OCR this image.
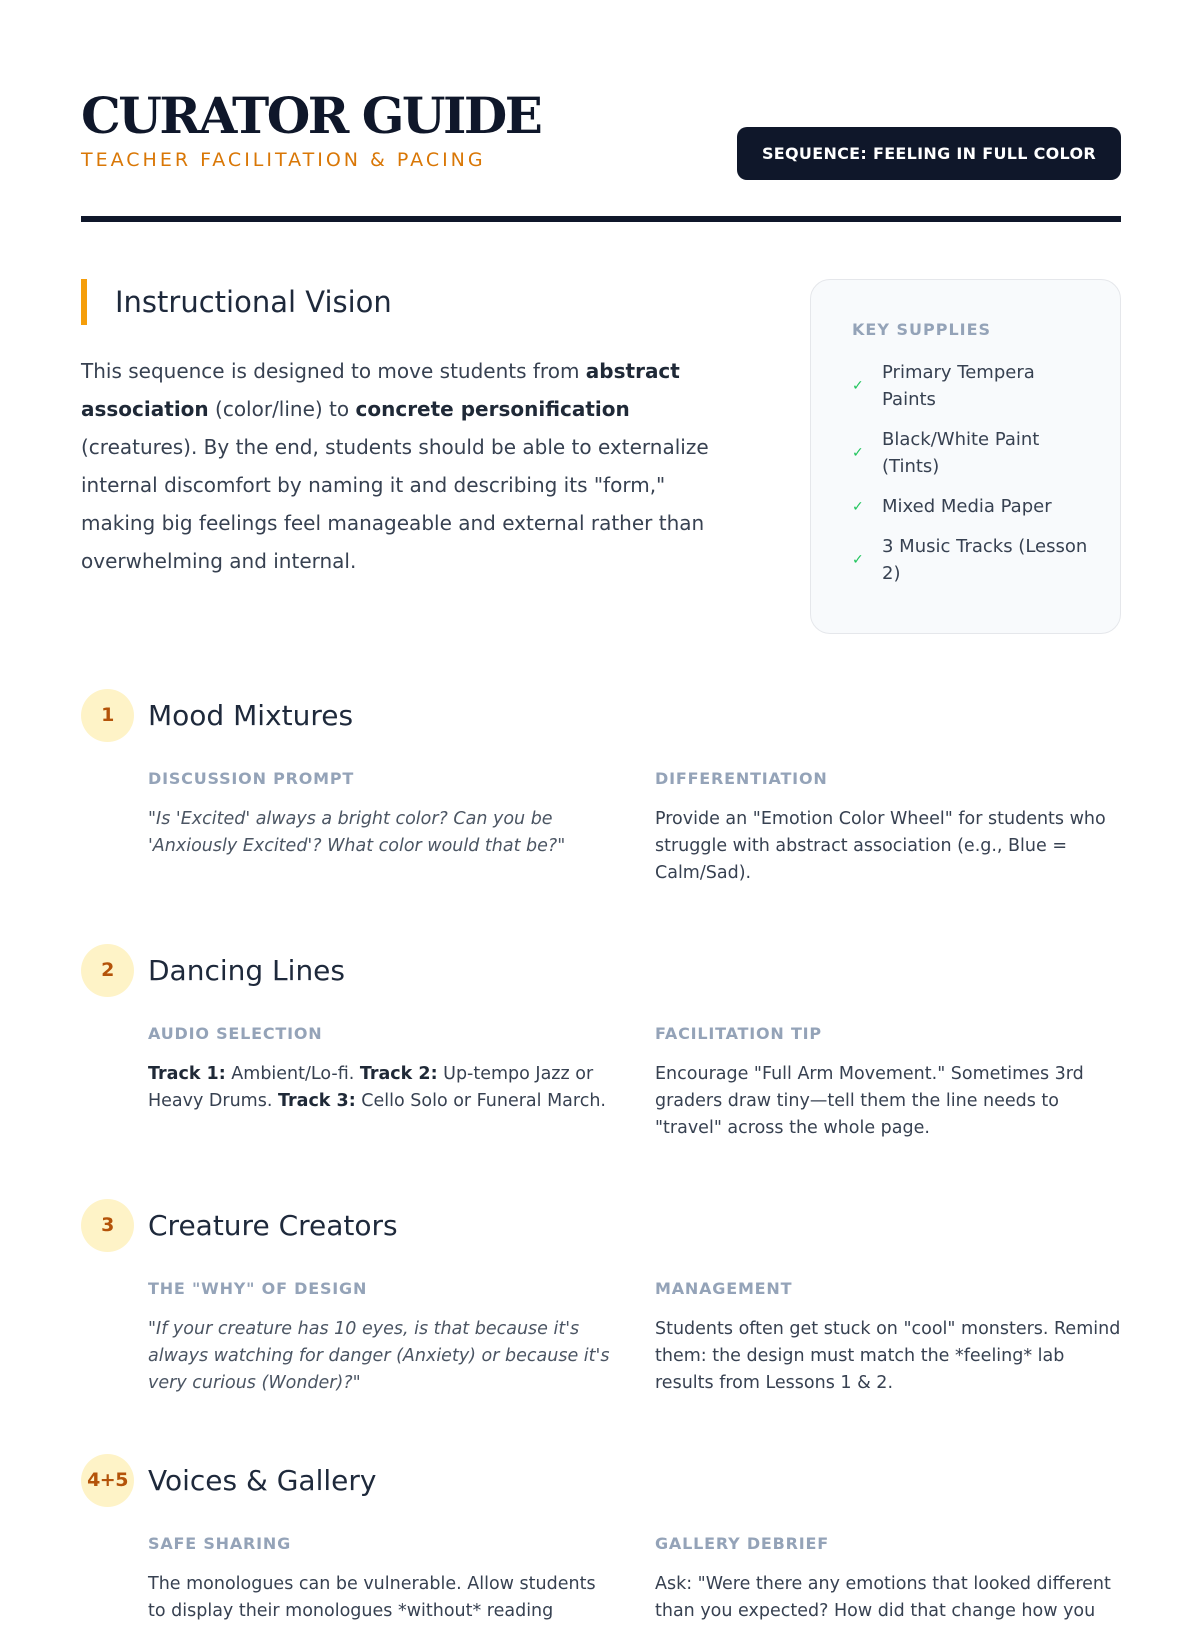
CURATOR GUIDE
TEACHER FACILITATION & PACING	SEQUENCE: FEELING IN FULL COLOR
Instructional Vision

This sequence is designed to move students from abstract association (color/line) to concrete personification (creatures). By the end, students should be able to externalize internal discomfort by naming it and describing its "form," making big feelings feel manageable and external rather than overwhelming and internal.

KEY SUPPLIES
✓
Primary Tempera Paints
✓
Black/White Paint (Tints)
✓	Mixed Media Paper
✓
3 Music Tracks (Lesson 2)
1	Mood Mixtures
DISCUSSION PROMPT
"Is 'Excited' always a bright color? Can you be 'Anxiously Excited'? What color would that be?"
DIFFERENTIATION
Provide an "Emotion Color Wheel" for students who struggle with abstract association (e.g., Blue = Calm/Sad).
2	Dancing Lines
AUDIO SELECTION
Track 1: Ambient/Lo-fi. Track 2: Up-tempo Jazz or Heavy Drums. Track 3: Cello Solo or Funeral March.
FACILITATION TIP
Encourage "Full Arm Movement." Sometimes 3rd graders draw tiny—tell them the line needs to "travel" across the whole page.
3	Creature Creators
THE "WHY" OF DESIGN
"If your creature has 10 eyes, is that because it's always watching for danger (Anxiety) or because it's very curious (Wonder)?"
MANAGEMENT
Students often get stuck on "cool" monsters. Remind them: the design must match the *feeling* lab results from Lessons 1 & 2.
4+5 Voices & Gallery
SAFE SHARING
The monologues can be vulnerable. Allow students to display their monologues *without* reading
GALLERY DEBRIEF
Ask: "Were there any emotions that looked different than you expected? How did that change how you
